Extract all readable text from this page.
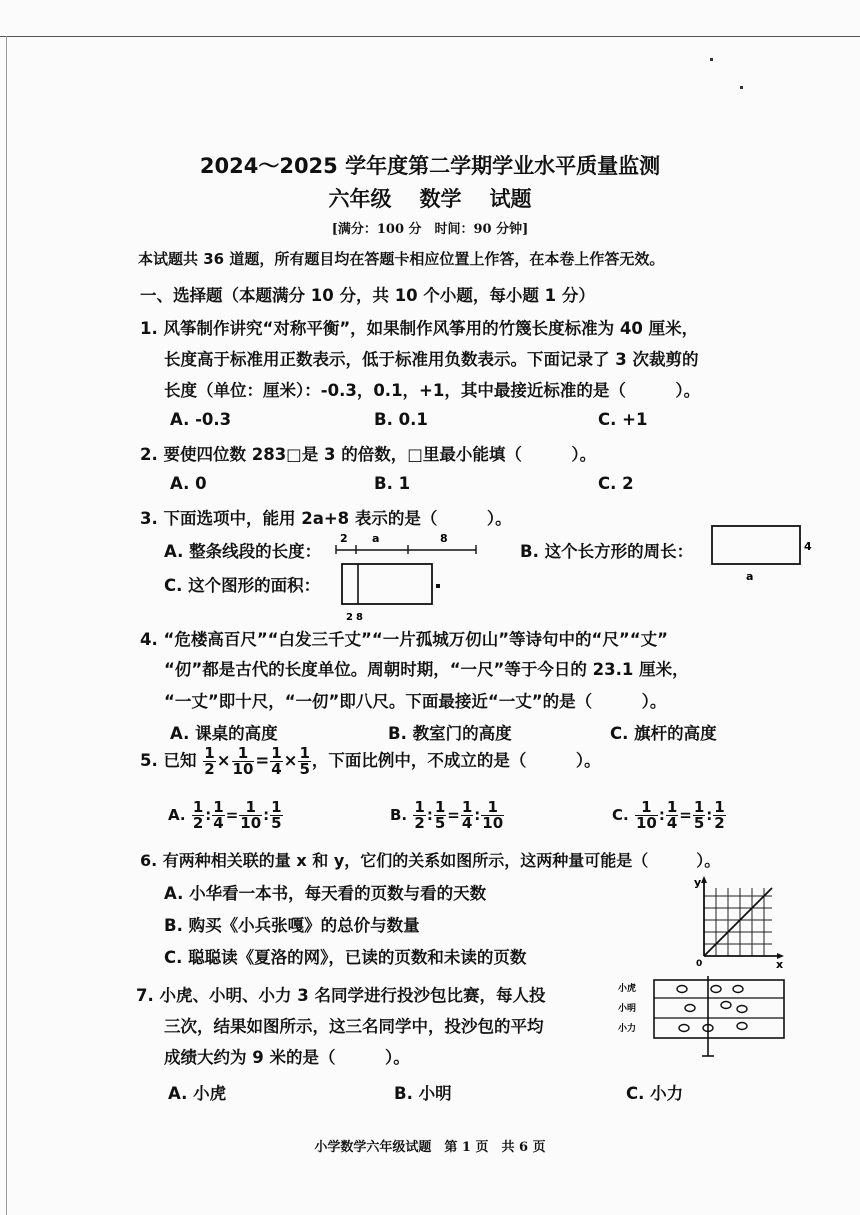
2024～2025 学年度第二学期学业水平质量监测
六年级 数学 试题
[满分：100 分　时间：90 分钟]
本试题共 36 道题，所有题目均在答题卡相应位置上作答，在本卷上作答无效。
一、选择题（本题满分 10 分，共 10 个小题，每小题 1 分）
1. 风筝制作讲究“对称平衡”，如果制作风筝用的竹篾长度标准为 40 厘米，
长度高于标准用正数表示，低于标准用负数表示。下面记录了 3 次裁剪的
长度（单位：厘米）：-0.3，0.1，+1，其中最接近标准的是（　　　）。
A. -0.3	B. 0.1	C. +1
2. 要使四位数 283□是 3 的倍数，□里最小能填（　　　）。
A. 0	B. 1	C. 2
3. 下面选项中，能用 2a+8 表示的是（　　　）。
A. 整条线段的长度：
2 a	8
B. 这个长方形的周长：	4
a
C. 这个图形的面积：
2 8
4. “危楼高百尺”“白发三千丈”“一片孤城万仞山”等诗句中的“尺”“丈”
“仞”都是古代的长度单位。周朝时期，“一尺”等于今日的 23.1 厘米，
“一丈”即十尺，“一仞”即八尺。下面最接近“一丈”的是（　　　）。
A. 课桌的高度	B. 教室门的高度	C. 旗杆的高度
5. 已知 $\frac{1}{2} \times \frac{1}{10} = \frac{1}{4} \times \frac{1}{5}$ ，下面比例中，不成立的是（　　　）。
A. $\frac{1}{2}$ : $\frac{1}{4} = \frac{1}{10}$ : $\frac{1}{5}$	B. $\frac{1}{2}$ : $\frac{1}{5} = \frac{1}{4}$ : $\frac{1}{10}$	C. $\frac{1}{10}$ : $\frac{1}{4} = \frac{1}{5}$ : $\frac{1}{2}$
6. 有两种相关联的量 x 和 y，它们的关系如图所示，这两种量可能是（　　　）。
A. 小华看一本书，每天看的页数与看的天数
B. 购买《小兵张嘎》的总价与数量
C. 聪聪读《夏洛的网》，已读的页数和未读的页数
y
x
0
7. 小虎、小明、小力 3 名同学进行投沙包比赛，每人投
三次，结果如图所示，这三名同学中，投沙包的平均
成绩大约为 9 米的是（　　　）。
A. 小虎	B. 小明	C. 小力
小虎
小明
小力
小学数学六年级试题　第 1 页　共 6 页
